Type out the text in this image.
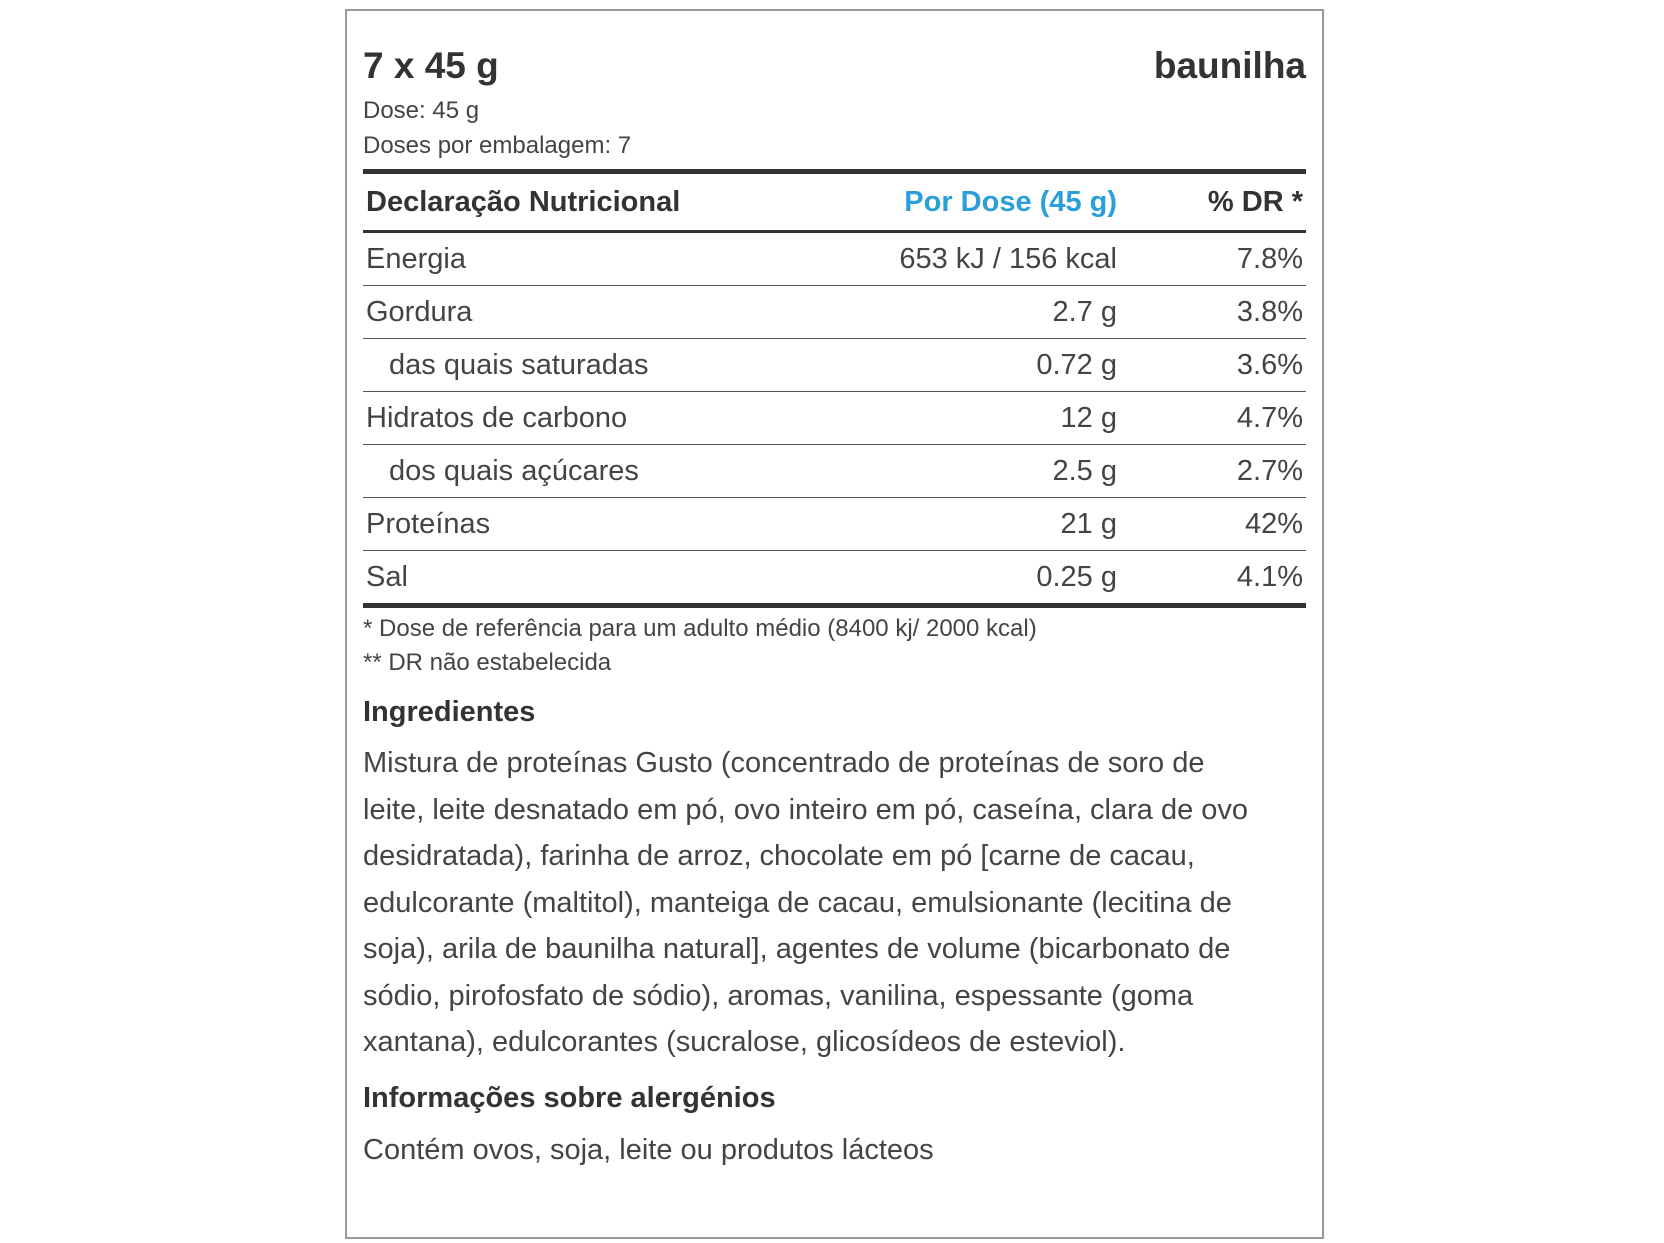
7 x 45 g	baunilha
Dose: 45 g
Doses por embalagem: 7
Declaração Nutricional	Por Dose (45 g)	% DR *
Energia	653 kJ / 156 kcal	7.8%
Gordura	2.7 g	3.8%
das quais saturadas	0.72 g	3.6%
Hidratos de carbono	12 g	4.7%
dos quais açúcares	2.5 g	2.7%
Proteínas	21 g	42%
Sal	0.25 g	4.1%
* Dose de referência para um adulto médio (8400 kj/ 2000 kcal)
** DR não estabelecida
Ingredientes
Mistura de proteínas Gusto (concentrado de proteínas de soro de leite, leite desnatado em pó, ovo inteiro em pó, caseína, clara de ovo desidratada), farinha de arroz, chocolate em pó [carne de cacau, edulcorante (maltitol), manteiga de cacau, emulsionante (lecitina de soja), arila de baunilha natural], agentes de volume (bicarbonato de sódio, pirofosfato de sódio), aromas, vanilina, espessante (goma xantana), edulcorantes (sucralose, glicosídeos de esteviol).
Informações sobre alergénios
Contém ovos, soja, leite ou produtos lácteos
